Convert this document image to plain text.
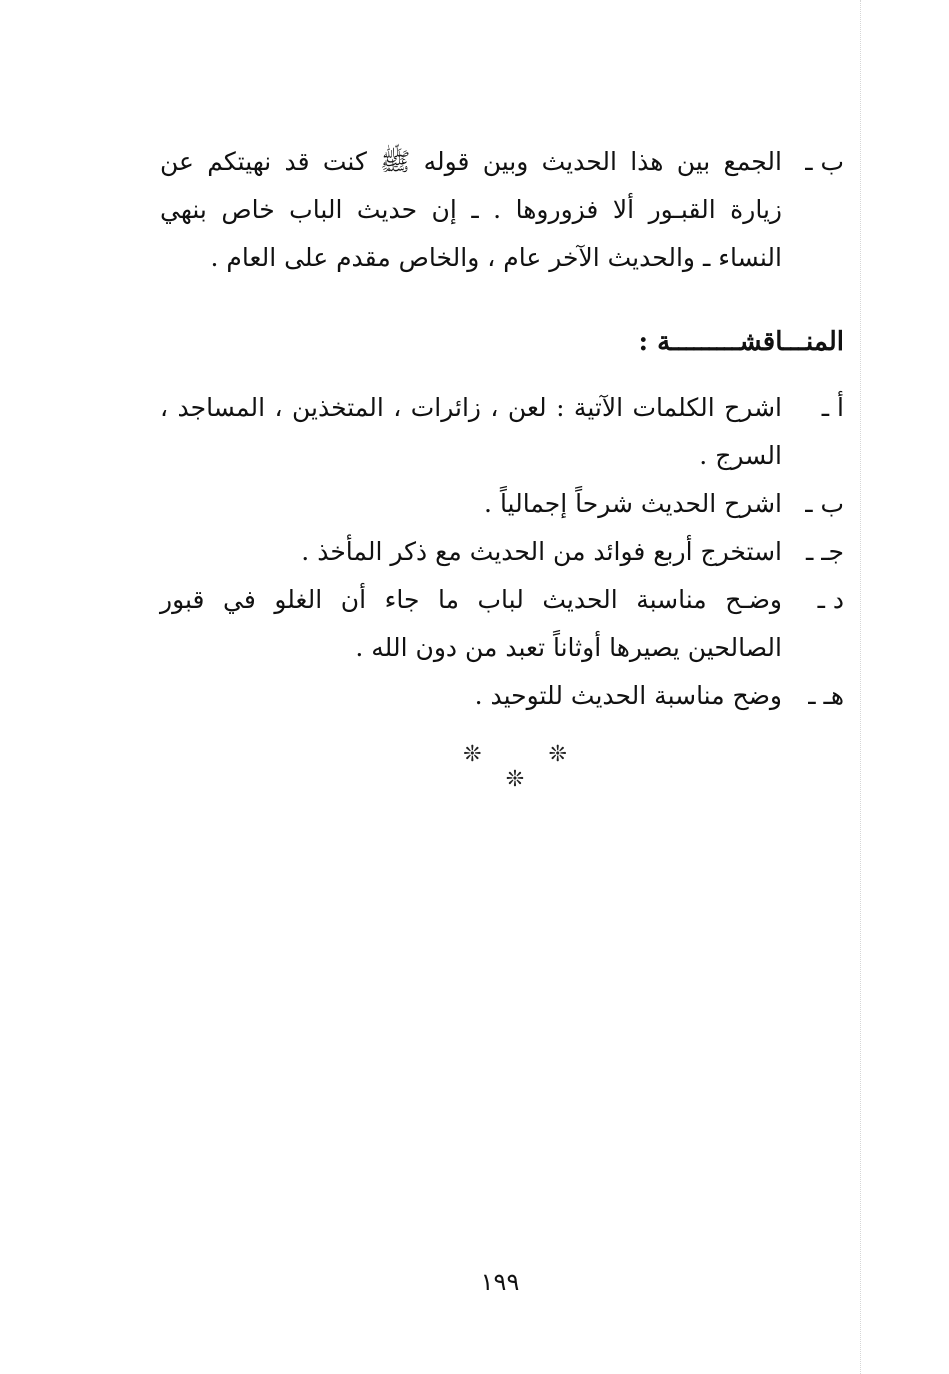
ب ـ
الجمع بين هذا الحديث وبين قوله ﷺ كنت قد نهيتكم عن زيارة القبـور ألا فزوروها . ـ إن حديث الباب خاص بنهي النساء ـ والحديث الآخر عام ، والخاص مقدم على العام .
المنـــاقشـــــــــة :
أ ـ
اشرح الكلمات الآتية : لعن ، زائرات ، المتخذين ، المساجد ، السرج .
ب ـ
اشرح الحديث شرحاً إجمالياً .
جـ ـ
استخرج أربع فوائد من الحديث مع ذكر المأخذ .
د ـ
وضـح مناسبة الحديث لباب ما جاء أن الغلو في قبور الصالحين يصيرها أوثاناً تعبد من دون الله .
هـ ـ
وضح مناسبة الحديث للتوحيد .
❊ ❊ ❊
١٩٩
